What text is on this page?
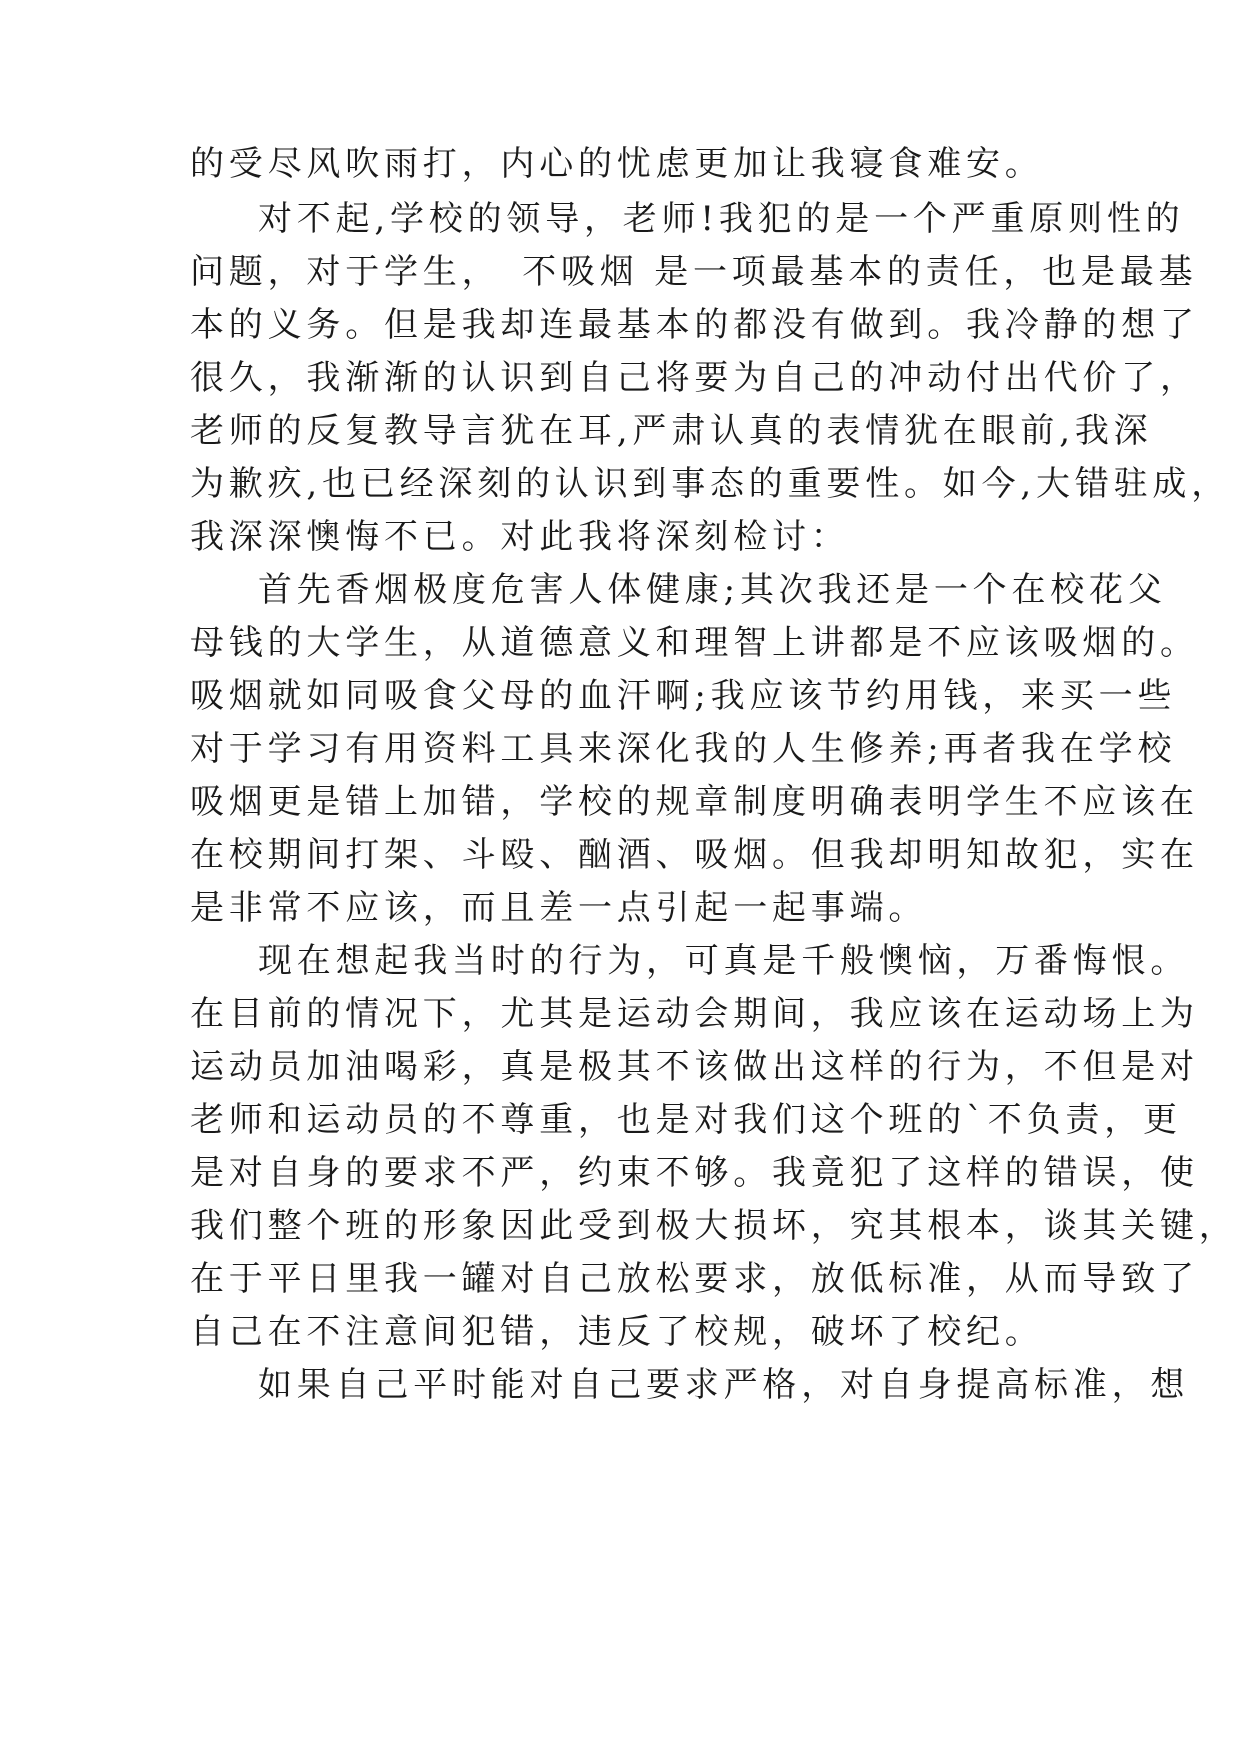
的受尽风吹雨打，内心的忧虑更加让我寝食难安。
对不起,学校的领导，老师!我犯的是一个严重原则性的
问题，对于学生，　不吸烟 是一项最基本的责任，也是最基
本的义务。但是我却连最基本的都没有做到。我冷静的想了
很久，我渐渐的认识到自己将要为自己的冲动付出代价了，
老师的反复教导言犹在耳,严肃认真的表情犹在眼前,我深
为歉疚,也已经深刻的认识到事态的重要性。如今,大错驻成，
我深深懊悔不已。对此我将深刻检讨：
首先香烟极度危害人体健康;其次我还是一个在校花父
母钱的大学生，从道德意义和理智上讲都是不应该吸烟的。
吸烟就如同吸食父母的血汗啊;我应该节约用钱，来买一些
对于学习有用资料工具来深化我的人生修养;再者我在学校
吸烟更是错上加错，学校的规章制度明确表明学生不应该在
在校期间打架、斗殴、酗酒、吸烟。但我却明知故犯，实在
是非常不应该，而且差一点引起一起事端。
现在想起我当时的行为，可真是千般懊恼，万番悔恨。
在目前的情况下，尤其是运动会期间，我应该在运动场上为
运动员加油喝彩，真是极其不该做出这样的行为，不但是对
老师和运动员的不尊重，也是对我们这个班的`不负责，更
是对自身的要求不严，约束不够。我竟犯了这样的错误，使
我们整个班的形象因此受到极大损坏，究其根本，谈其关键，
在于平日里我一罐对自己放松要求，放低标准，从而导致了
自己在不注意间犯错，违反了校规，破坏了校纪。
如果自己平时能对自己要求严格，对自身提高标准，想
